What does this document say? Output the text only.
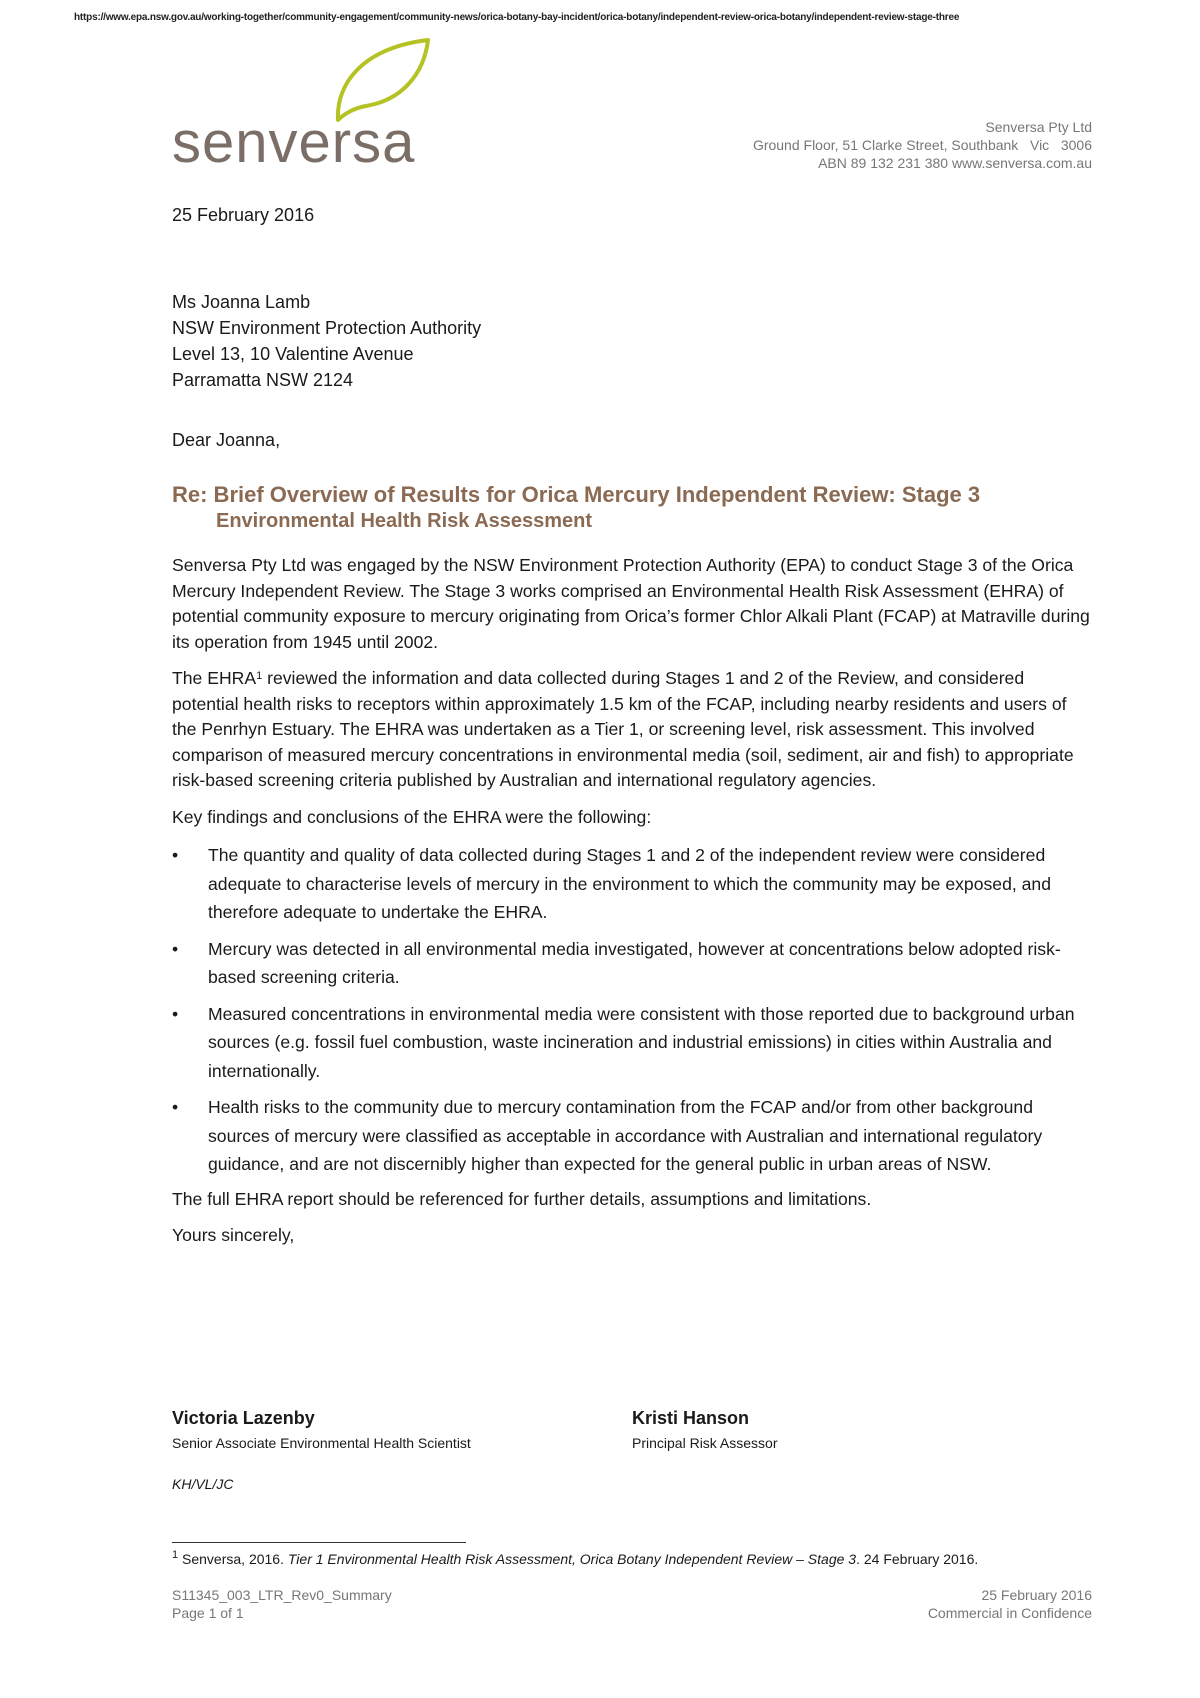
https://www.epa.nsw.gov.au/working-together/community-engagement/community-news/orica-botany-bay-incident/orica-botany/independent-review-orica-botany/independent-review-stage-three
senversa	Senversa Pty Ltd
Ground Floor, 51 Clarke Street, Southbank   Vic   3006
ABN 89 132 231 380 www.senversa.com.au
25 February 2016
Ms Joanna Lamb
NSW Environment Protection Authority
Level 13, 10 Valentine Avenue
Parramatta NSW 2124
Dear Joanna,
Re: Brief Overview of Results for Orica Mercury Independent Review: Stage 3
Environmental Health Risk Assessment

Senversa Pty Ltd was engaged by the NSW Environment Protection Authority (EPA) to conduct Stage 3 of the Orica Mercury Independent Review. The Stage 3 works comprised an Environmental Health Risk Assessment (EHRA) of potential community exposure to mercury originating from Orica’s former Chlor Alkali Plant (FCAP) at Matraville during its operation from 1945 until 2002.

The EHRA$^1$ reviewed the information and data collected during Stages 1 and 2 of the Review, and considered potential health risks to receptors within approximately 1.5 km of the FCAP, including nearby residents and users of the Penrhyn Estuary. The EHRA was undertaken as a Tier 1, or screening level, risk assessment. This involved comparison of measured mercury concentrations in environmental media (soil, sediment, air and fish) to appropriate risk-based screening criteria published by Australian and international regulatory agencies.

Key findings and conclusions of the EHRA were the following:

• The quantity and quality of data collected during Stages 1 and 2 of the independent review were considered adequate to characterise levels of mercury in the environment to which the community may be exposed, and therefore adequate to undertake the EHRA.
• Mercury was detected in all environmental media investigated, however at concentrations below adopted risk-based screening criteria.
• Measured concentrations in environmental media were consistent with those reported due to background urban sources (e.g. fossil fuel combustion, waste incineration and industrial emissions) in cities within Australia and internationally.
• Health risks to the community due to mercury contamination from the FCAP and/or from other background sources of mercury were classified as acceptable in accordance with Australian and international regulatory guidance, and are not discernibly higher than expected for the general public in urban areas of NSW.

The full EHRA report should be referenced for further details, assumptions and limitations.

Yours sincerely,

Victoria Lazenby
Senior Associate Environmental Health Scientist
Kristi Hanson
Principal Risk Assessor
KH/VL/JC
$^1$ Senversa, 2016. Tier 1 Environmental Health Risk Assessment, Orica Botany Independent Review – Stage 3. 24 February 2016.
S11345_003_LTR_Rev0_Summary
Page 1 of 1
25 February 2016
Commercial in Confidence
